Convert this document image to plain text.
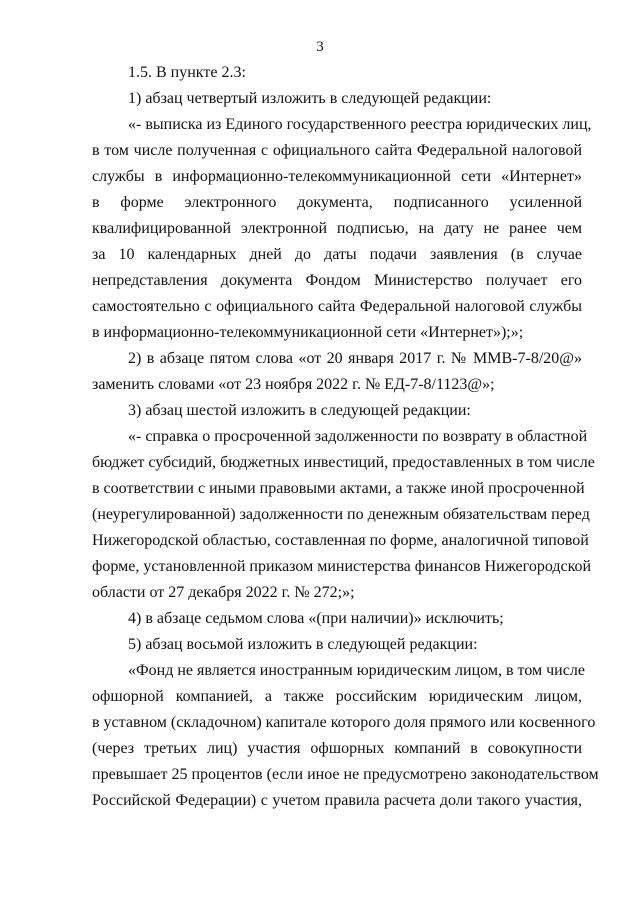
3
1.5. В пункте 2.3:
1) абзац четвертый изложить в следующей редакции:
«- выписка из Единого государственного реестра юридических лиц,
в том числе полученная с официального сайта Федеральной налоговой
службы в информационно-телекоммуникационной сети «Интернет»
в форме электронного документа, подписанного усиленной
квалифицированной электронной подписью, на дату не ранее чем
за 10 календарных дней до даты подачи заявления (в случае
непредставления документа Фондом Министерство получает его
самостоятельно с официального сайта Федеральной налоговой службы
в информационно-телекоммуникационной сети «Интернет»);»;
2) в абзаце пятом слова «от 20 января 2017 г. № ММВ-7-8/20@»
заменить словами «от 23 ноября 2022 г. № ЕД-7-8/1123@»;
3) абзац шестой изложить в следующей редакции:
«- справка о просроченной задолженности по возврату в областной
бюджет субсидий, бюджетных инвестиций, предоставленных в том числе
в соответствии с иными правовыми актами, а также иной просроченной
(неурегулированной) задолженности по денежным обязательствам перед
Нижегородской областью, составленная по форме, аналогичной типовой
форме, установленной приказом министерства финансов Нижегородской
области от 27 декабря 2022 г. № 272;»;
4) в абзаце седьмом слова «(при наличии)» исключить;
5) абзац восьмой изложить в следующей редакции:
«Фонд не является иностранным юридическим лицом, в том числе
офшорной компанией, а также российским юридическим лицом,
в уставном (складочном) капитале которого доля прямого или косвенного
(через третьих лиц) участия офшорных компаний в совокупности
превышает 25 процентов (если иное не предусмотрено законодательством
Российской Федерации) с учетом правила расчета доли такого участия,
